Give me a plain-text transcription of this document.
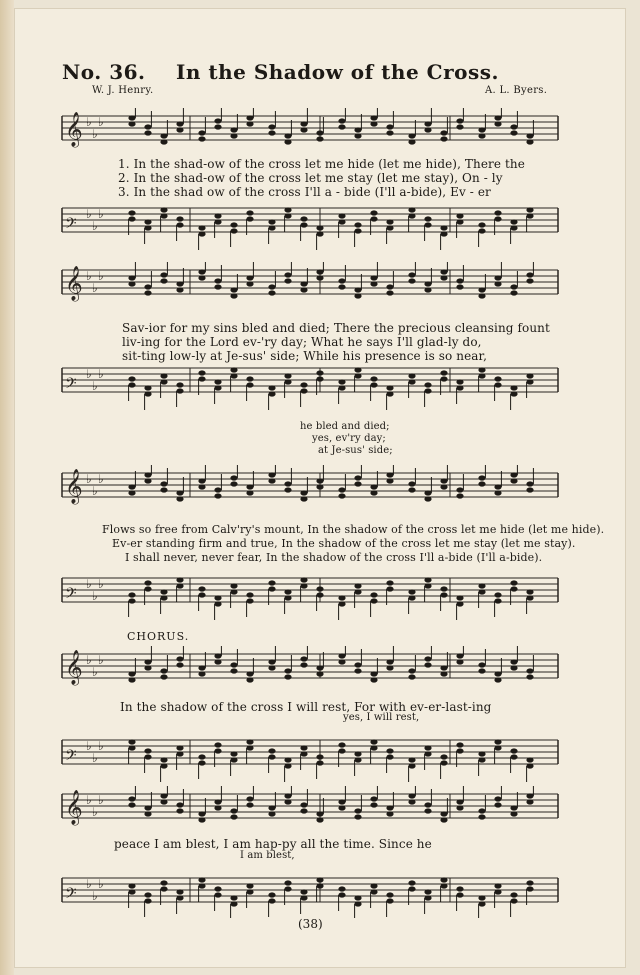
No. 36. In the Shadow of the Cross.
W. J. Henry.	A. L. Byers.
𝄞 ♭
♭
♭
𝄢
♭
♭
♭
𝄞 ♭
♭
♭
𝄢
♭
♭
♭
𝄞 ♭
♭
♭
𝄢
♭
♭
♭
𝄞 ♭
♭
♭
𝄢
♭
♭
♭
𝄞 ♭
♭
♭
𝄢
♭
♭
♭
1. In the shad-ow of the cross let me hide (let me hide), There the
2. In the shad-ow of the cross let me stay (let me stay), On - ly
3. In the shad ow of the cross I'll a - bide (I'll a-bide), Ev - er
Sav-ior for my sins bled and died; There the precious cleansing fount
liv-ing for the Lord ev-'ry day; What he says I'll glad-ly do,
sit-ting low-ly at Je-sus' side; While his presence is so near,
he bled and died;
yes, ev'ry day;
at Je-sus' side;
Flows so free from Calv'ry's mount, In the shadow of the cross let me hide (let me hide).
Ev-er standing firm and true, In the shadow of the cross let me stay (let me stay).
I shall never, never fear, In the shadow of the cross I'll a-bide (I'll a-bide).
CHORUS.
In the shadow of the cross I will rest, For with ev-er-last-ing
yes, I will rest,
peace I am blest, I am hap-py all the time. Since he
I am blest,
(38)
